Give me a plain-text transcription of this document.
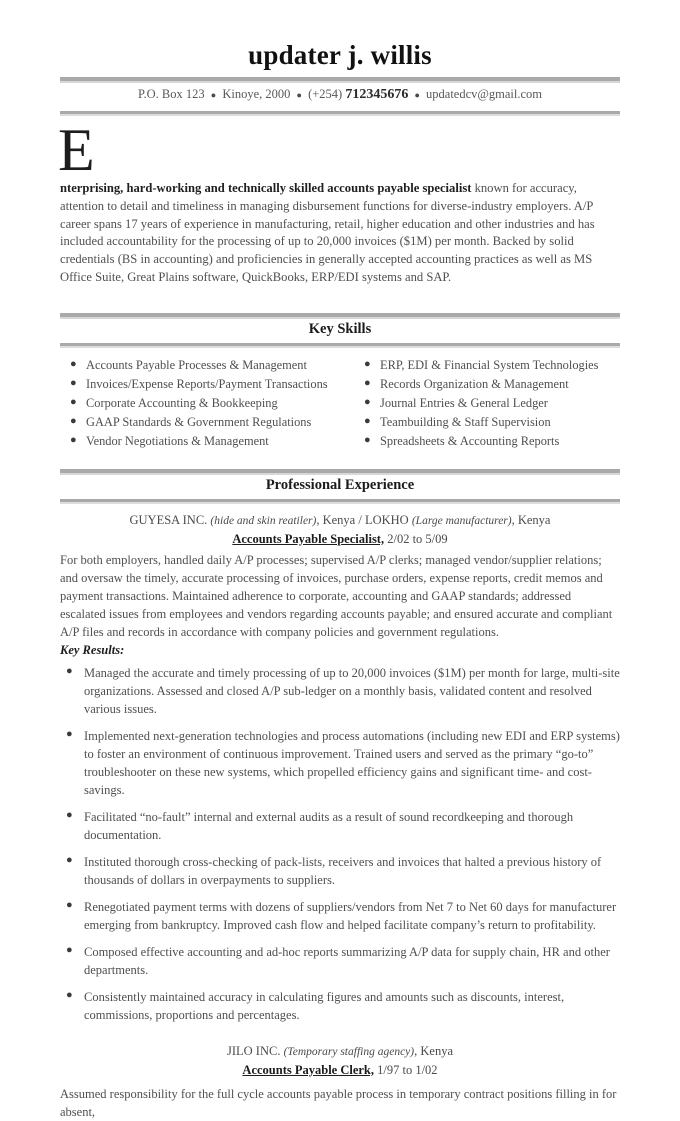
updater j. willis
P.O. Box 123 ● Kinoye, 2000 ● (+254) 712345676 ● updatedcv@gmail.com
E
nterprising, hard-working and technically skilled accounts payable specialist known for accuracy, attention to detail and timeliness in managing disbursement functions for diverse-industry employers. A/P career spans 17 years of experience in manufacturing, retail, higher education and other industries and has included accountability for the processing of up to 20,000 invoices ($1M) per month. Backed by solid credentials (BS in accounting) and proficiencies in generally accepted accounting practices as well as MS Office Suite, Great Plains software, QuickBooks, ERP/EDI systems and SAP.
Key Skills
● Accounts Payable Processes & Management
● Invoices/Expense Reports/Payment Transactions
● Corporate Accounting & Bookkeeping
● GAAP Standards & Government Regulations
● Vendor Negotiations & Management
● ERP, EDI & Financial System Technologies
● Records Organization & Management
● Journal Entries & General Ledger
● Teambuilding & Staff Supervision
● Spreadsheets & Accounting Reports
Professional Experience
GUYESA INC. (hide and skin reatiler), Kenya / LOKHO (Large manufacturer), Kenya
Accounts Payable Specialist, 2/02 to 5/09
For both employers, handled daily A/P processes; supervised A/P clerks; managed vendor/supplier relations; and oversaw the timely, accurate processing of invoices, purchase orders, expense reports, credit memos and payment transactions. Maintained adherence to corporate, accounting and GAAP standards; addressed escalated issues from employees and vendors regarding accounts payable; and ensured accurate and compliant A/P files and records in accordance with company policies and government regulations.
Key Results:
● Managed the accurate and timely processing of up to 20,000 invoices ($1M) per month for large, multi-site organizations. Assessed and closed A/P sub-ledger on a monthly basis, validated content and resolved various issues.
● Implemented next-generation technologies and process automations (including new EDI and ERP systems) to foster an environment of continuous improvement. Trained users and served as the primary “go-to” troubleshooter on these new systems, which propelled efficiency gains and significant time- and cost-savings.
● Facilitated “no-fault” internal and external audits as a result of sound recordkeeping and thorough documentation.
● Instituted thorough cross-checking of pack-lists, receivers and invoices that halted a previous history of thousands of dollars in overpayments to suppliers.
● Renegotiated payment terms with dozens of suppliers/vendors from Net 7 to Net 60 days for manufacturer emerging from bankruptcy. Improved cash flow and helped facilitate company’s return to profitability.
● Composed effective accounting and ad-hoc reports summarizing A/P data for supply chain, HR and other departments.
● Consistently maintained accuracy in calculating figures and amounts such as discounts, interest, commissions, proportions and percentages.
JILO INC. (Temporary staffing agency), Kenya
Accounts Payable Clerk, 1/97 to 1/02
Assumed responsibility for the full cycle accounts payable process in temporary contract positions filling in for absent,
